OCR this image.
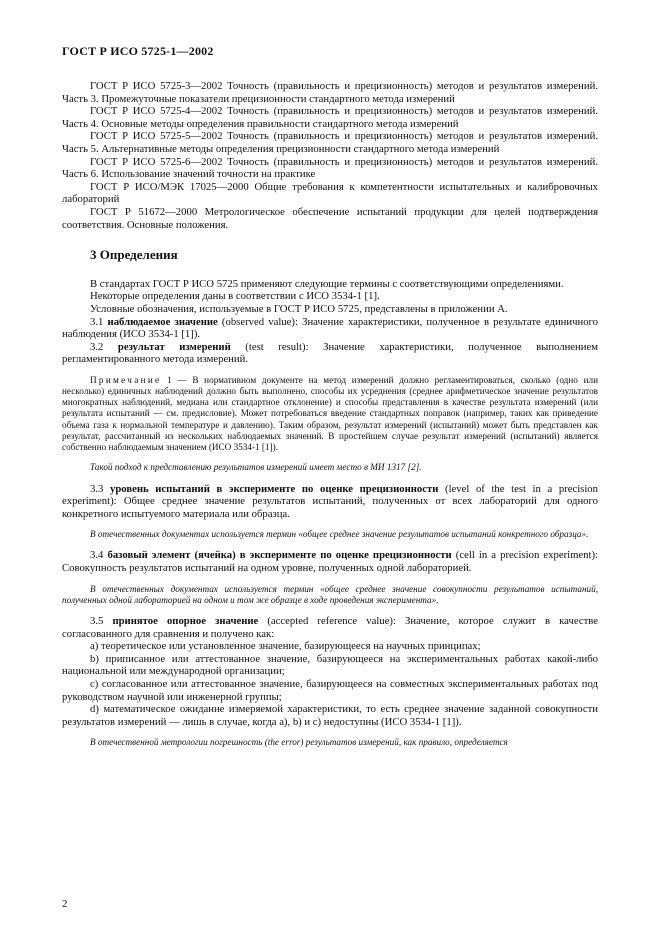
ГОСТ Р ИСО 5725-1—2002

ГОСТ Р ИСО 5725-3—2002 Точность (правильность и прецизионность) методов и результатов измерений. Часть 3. Промежуточные показатели прецизионности стандартного метода измерений

ГОСТ Р ИСО 5725-4—2002 Точность (правильность и прецизионность) методов и результатов измерений. Часть 4. Основные методы определения правильности стандартного метода измерений

ГОСТ Р ИСО 5725-5—2002 Точность (правильность и прецизионность) методов и результатов измерений. Часть 5. Альтернативные методы определения прецизионности стандартного метода измерений

ГОСТ Р ИСО 5725-6—2002 Точность (правильность и прецизионность) методов и результатов измерений. Часть 6. Использование значений точности на практике

ГОСТ Р ИСО/МЭК 17025—2000 Общие требования к компетентности испытательных и калибровочных лабораторий

ГОСТ Р 51672—2000 Метрологическое обеспечение испытаний продукции для целей подтверждения соответствия. Основные положения.

3 Определения

В стандартах ГОСТ Р ИСО 5725 применяют следующие термины с соответствующими определениями.

Некоторые определения даны в соответствии с ИСО 3534-1 [1].

Условные обозначения, используемые в ГОСТ Р ИСО 5725, представлены в приложении А.

3.1 наблюдаемое значение (observed value): Значение характеристики, полученное в результате единичного наблюдения (ИСО 3534-1 [1]).

3.2 результат измерений (test result): Значение характеристики, полученное выполнением регламентированного метода измерений.

Примечание 1 — В нормативном документе на метод измерений должно регламентироваться, сколько (одно или несколько) единичных наблюдений должно быть выполнено, способы их усреднения (среднее арифметическое значение результатов многократных наблюдений, медиана или стандартное отклонение) и способы представления в качестве результата измерений (или результата испытаний — см. предисловие). Может потребоваться введение стандартных поправок (например, таких как приведение объема газа к нормальной температуре и давлению). Таким образом, результат измерений (испытаний) может быть представлен как результат, рассчитанный из нескольких наблюдаемых значений. В простейшем случае результат измерений (испытаний) является собственно наблюдаемым значением (ИСО 3534-1 [1]).

Такой подход к представлению результатов измерений имеет место в МИ 1317 [2].

3.3 уровень испытаний в эксперименте по оценке прецизионности (level of the test in a precision experiment): Общее среднее значение результатов испытаний, полученных от всех лабораторий для одного конкретного испытуемого материала или образца.

В отечественных документах используется термин «общее среднее значение результатов испытаний конкретного образца».

3.4 базовый элемент (ячейка) в эксперименте по оценке прецизионности (cell in a precision experiment): Совокупность результатов испытаний на одном уровне, полученных одной лабораторией.

В отечественных документах используется термин «общее среднее значение совокупности результатов испытаний, полученных одной лабораторией на одном и том же образце в ходе проведения эксперимента».

3.5 принятое опорное значение (accepted reference value): Значение, которое служит в качестве согласованного для сравнения и получено как:

a) теоретическое или установленное значение, базирующееся на научных принципах;

b) приписанное или аттестованное значение, базирующееся на экспериментальных работах какой-либо национальной или международной организации;

c) согласованное или аттестованное значение, базирующееся на совместных экспериментальных работах под руководством научной или инженерной группы;

d) математическое ожидание измеряемой характеристики, то есть среднее значение заданной совокупности результатов измерений — лишь в случае, когда a), b) и c) недоступны (ИСО 3534-1 [1]).

В отечественной метрологии погрешность (the error) результатов измерений, как правило, определяется

2
